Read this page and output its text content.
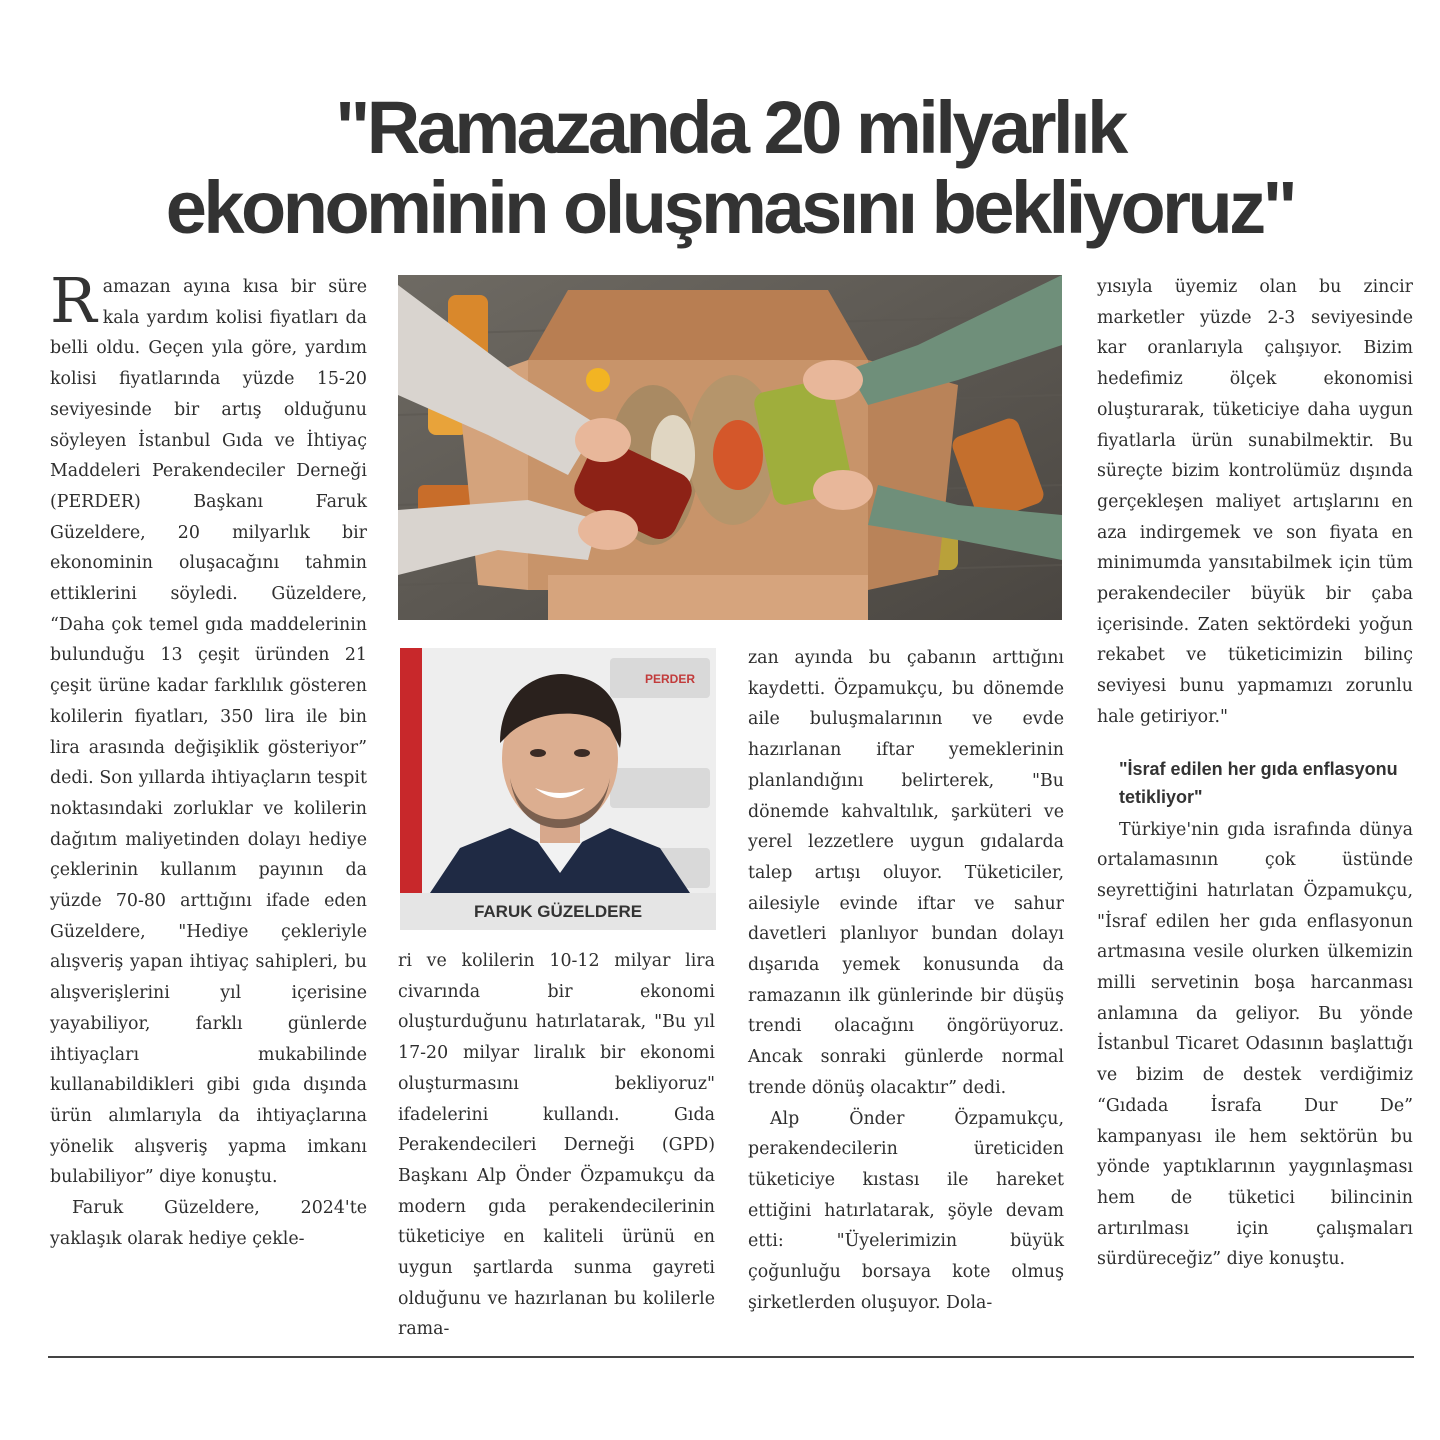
"Ramazanda 20 milyarlık
ekonominin oluşmasını bekliyoruz"
PERDER
FARUK GÜZELDERE

Ramazan ayına kısa bir süre kala yardım kolisi fiyatları da belli oldu. Geçen yıla göre, yardım kolisi fiyatlarında yüzde 15-20 seviyesinde bir artış olduğunu söyleyen İstanbul Gıda ve İhtiyaç Maddeleri Perakendeciler Derneği (PERDER) Başkanı Faruk Güzeldere, 20 milyarlık bir ekonominin oluşacağını tahmin ettiklerini söyledi. Güzeldere, “Daha çok temel gıda maddelerinin bulunduğu 13 çeşit üründen 21 çeşit ürüne kadar farklılık gösteren kolilerin fiyatları, 350 lira ile bin lira arasında değişiklik gösteriyor” dedi. Son yıllarda ihtiyaçların tespit noktasındaki zorluklar ve kolilerin dağıtım maliyetinden dolayı hediye çeklerinin kullanım payının da yüzde 70-80 arttığını ifade eden Güzeldere, "Hediye çekleriyle alışveriş yapan ihtiyaç sahipleri, bu alışverişlerini yıl içerisine yayabiliyor, farklı günlerde ihtiyaçları mukabilinde kullanabildikleri gibi gıda dışında ürün alımlarıyla da ihtiyaçlarına yönelik alışveriş yapma imkanı bulabiliyor” diye konuştu.

Faruk Güzeldere, 2024'te yaklaşık olarak hediye çekle-

ri ve kolilerin 10-12 milyar lira civarında bir ekonomi oluşturduğunu hatırlatarak, "Bu yıl 17-20 milyar liralık bir ekonomi oluşturmasını bekliyoruz" ifadelerini kullandı. Gıda Perakendecileri Derneği (GPD) Başkanı Alp Önder Özpamukçu da modern gıda perakendecilerinin tüketiciye en kaliteli ürünü en uygun şartlarda sunma gayreti olduğunu ve hazırlanan bu kolilerle rama-

zan ayında bu çabanın arttığını kaydetti. Özpamukçu, bu dönemde aile buluşmalarının ve evde hazırlanan iftar yemeklerinin planlandığını belirterek, "Bu dönemde kahvaltılık, şarküteri ve yerel lezzetlere uygun gıdalarda talep artışı oluyor. Tüketiciler, ailesiyle evinde iftar ve sahur davetleri planlıyor bundan dolayı dışarıda yemek konusunda da ramazanın ilk günlerinde bir düşüş trendi olacağını öngörüyoruz. Ancak sonraki günlerde normal trende dönüş olacaktır” dedi.

Alp Önder Özpamukçu, perakendecilerin üreticiden tüketiciye kıstası ile hareket ettiğini hatırlatarak, şöyle devam etti: "Üyelerimizin büyük çoğunluğu borsaya kote olmuş şirketlerden oluşuyor. Dola-

yısıyla üyemiz olan bu zincir marketler yüzde 2-3 seviyesinde kar oranlarıyla çalışıyor. Bizim hedefimiz ölçek ekonomisi oluşturarak, tüketiciye daha uygun fiyatlarla ürün sunabilmektir. Bu süreçte bizim kontrolümüz dışında gerçekleşen maliyet artışlarını en aza indirgemek ve son fiyata en minimumda yansıtabilmek için tüm perakendeciler büyük bir çaba içerisinde. Zaten sektördeki yoğun rekabet ve tüketicimizin bilinç seviyesi bunu yapmamızı zorunlu hale getiriyor."

"İsraf edilen her gıda enflasyonu tetikliyor"

Türkiye'nin gıda israfında dünya ortalamasının çok üstünde seyrettiğini hatırlatan Özpamukçu, "İsraf edilen her gıda enflasyonun artmasına vesile olurken ülkemizin milli servetinin boşa harcanması anlamına da geliyor. Bu yönde İstanbul Ticaret Odasının başlattığı ve bizim de destek verdiğimiz “Gıdada İsrafa Dur De” kampanyası ile hem sektörün bu yönde yaptıklarının yaygınlaşması hem de tüketici bilincinin artırılması için çalışmaları sürdüreceğiz” diye konuştu.
